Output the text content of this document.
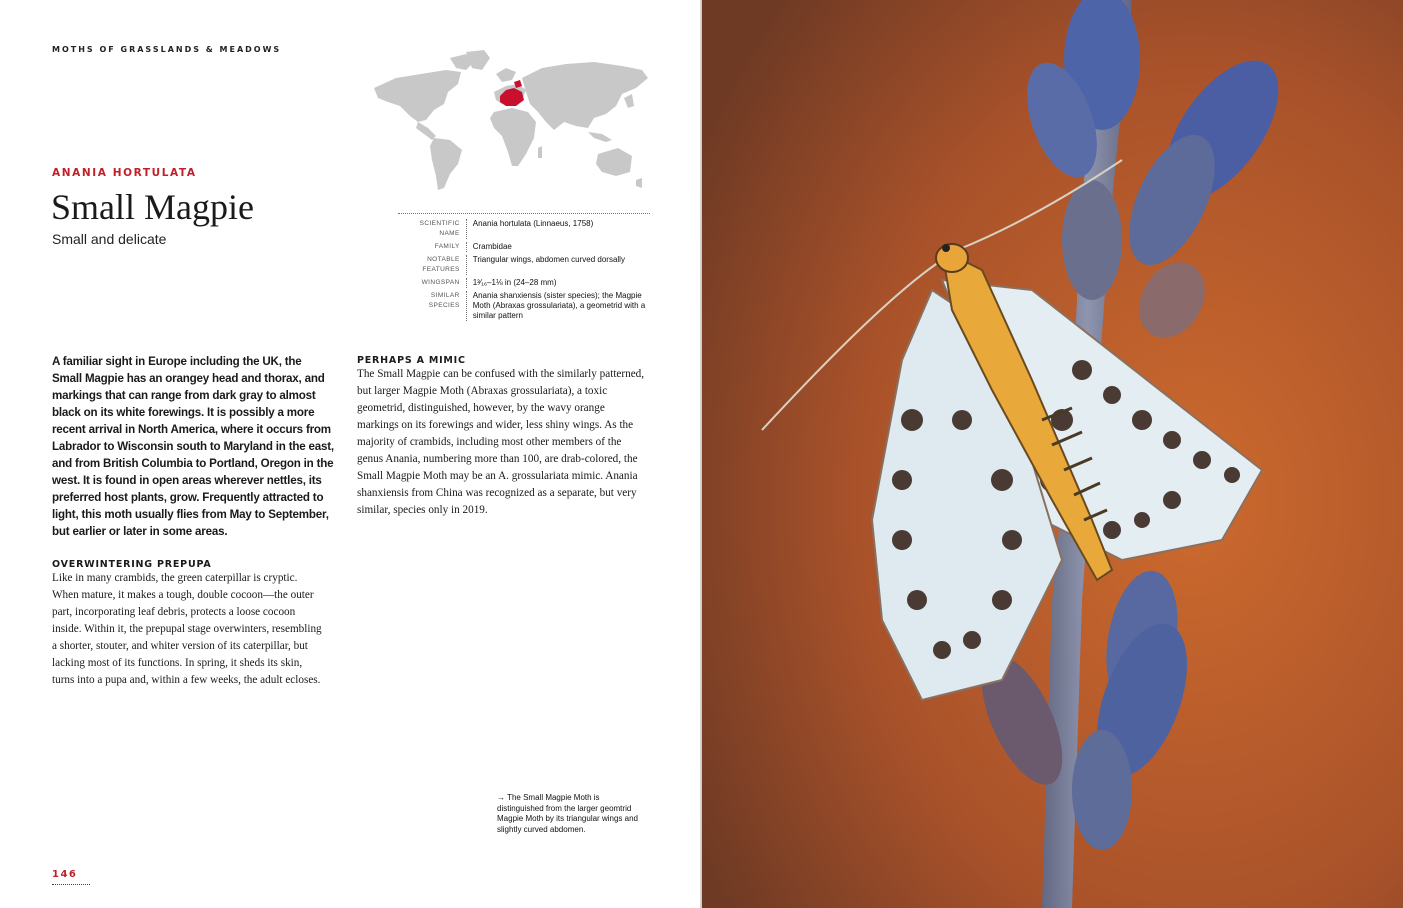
MOTHS OF GRASSLANDS & MEADOWS
ANANIA HORTULATA
Small Magpie
Small and delicate
SCIENTIFIC NAME
Anania hortulata (Linnaeus, 1758)
FAMILY	Crambidae
NOTABLE FEATURES
Triangular wings, abdomen curved dorsally
WINGSPAN	1³⁄₁₆–1⅛ in (24–28 mm)
SIMILAR SPECIES
Anania shanxiensis (sister species); the Magpie Moth (Abraxas grossulariata), a geometrid with a similar pattern
A familiar sight in Europe including the UK, the Small Magpie has an orangey head and thorax, and markings that can range from dark gray to almost black on its white forewings. It is possibly a more recent arrival in North America, where it occurs from Labrador to Wisconsin south to Maryland in the east, and from British Columbia to Portland, Oregon in the west. It is found in open areas wherever nettles, its preferred host plants, grow. Frequently attracted to light, this moth usually flies from May to September, but earlier or later in some areas.
OVERWINTERING PREPUPA
Like in many crambids, the green caterpillar is cryptic. When mature, it makes a tough, double cocoon—the outer part, incorporating leaf debris, protects a loose cocoon inside. Within it, the prepupal stage overwinters, resembling a shorter, stouter, and whiter version of its caterpillar, but lacking most of its functions. In spring, it sheds its skin, turns into a pupa and, within a few weeks, the adult ecloses.
PERHAPS A MIMIC
The Small Magpie can be confused with the similarly patterned, but larger Magpie Moth (Abraxas grossulariata), a toxic geometrid, distinguished, however, by the wavy orange markings on its forewings and wider, less shiny wings. As the majority of crambids, including most other members of the genus Anania, numbering more than 100, are drab-colored, the Small Magpie Moth may be an A. grossulariata mimic. Anania shanxiensis from China was recognized as a separate, but very similar, species only in 2019.
→ The Small Magpie Moth is distinguished from the larger geomtrid Magpie Moth by its triangular wings and slightly curved abdomen.
146
